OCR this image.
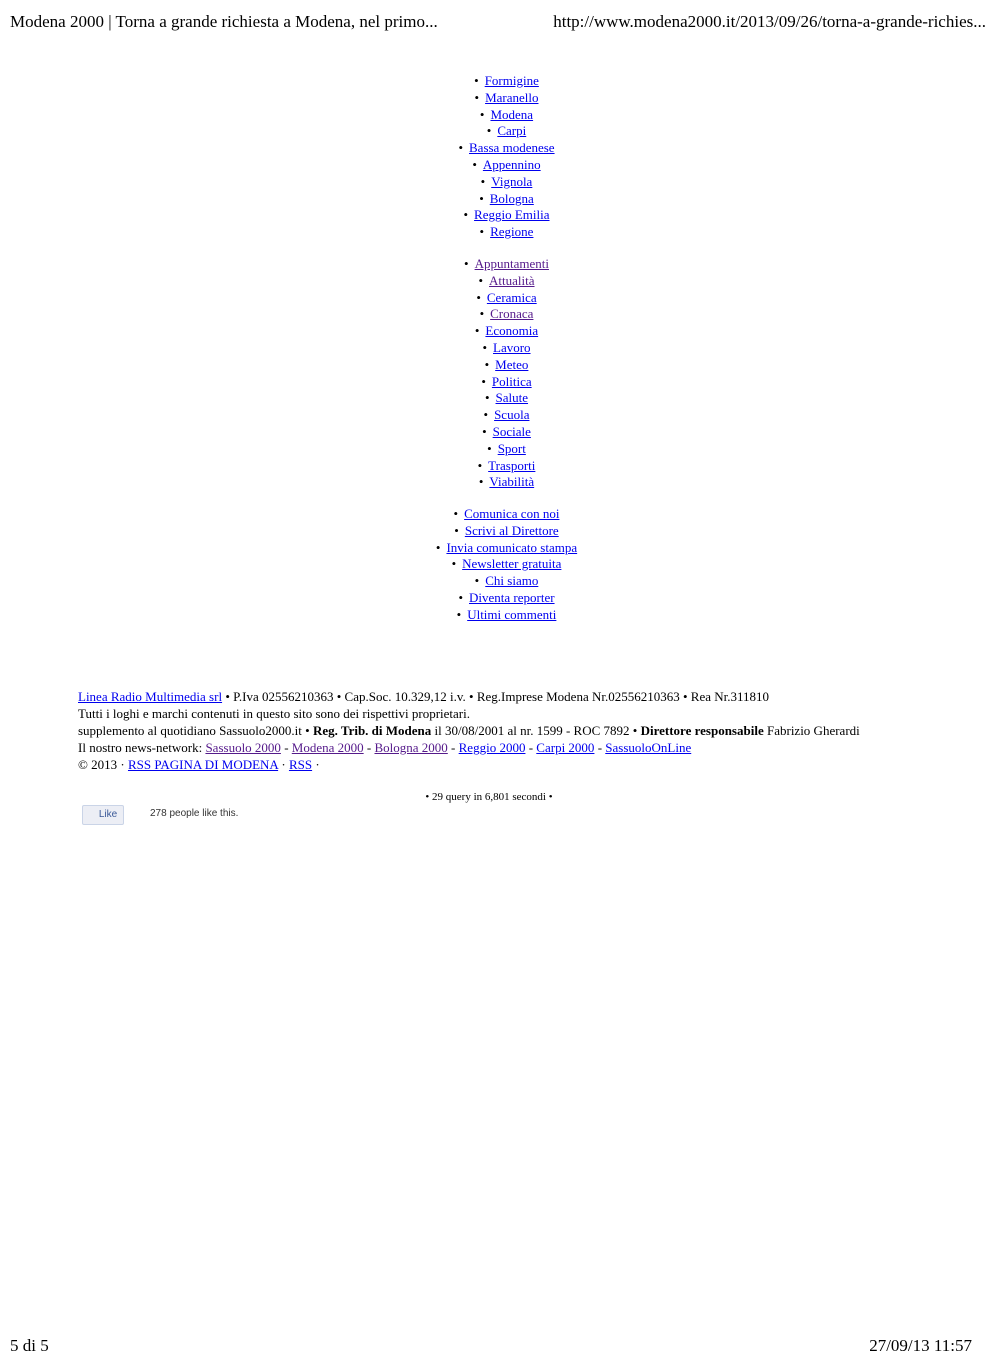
Modena 2000 | Torna a grande richiesta a Modena, nel primo...	http://www.modena2000.it/2013/09/26/torna-a-grande-richies...
• Formigine
• Maranello
• Modena
• Carpi
• Bassa modenese
• Appennino
• Vignola
• Bologna
• Reggio Emilia
• Regione
• Appuntamenti
• Attualità
• Ceramica
• Cronaca
• Economia
• Lavoro
• Meteo
• Politica
• Salute
• Scuola
• Sociale
• Sport
• Trasporti
• Viabilità
• Comunica con noi
• Scrivi al Direttore
• Invia comunicato stampa
• Newsletter gratuita
• Chi siamo
• Diventa reporter
• Ultimi commenti

Linea Radio Multimedia srl • P.Iva 02556210363 • Cap.Soc. 10.329,12 i.v. • Reg.Imprese Modena Nr.02556210363 • Rea Nr.311810

Tutti i loghi e marchi contenuti in questo sito sono dei rispettivi proprietari.

supplemento al quotidiano Sassuolo2000.it • Reg. Trib. di Modena il 30/08/2001 al nr. 1599 - ROC 7892 • Direttore responsabile Fabrizio Gherardi

Il nostro news-network: Sassuolo 2000 - Modena 2000 - Bologna 2000 - Reggio 2000 - Carpi 2000 - SassuoloOnLine

© 2013 · RSS PAGINA DI MODENA · RSS ·

• 29 query in 6,801 secondi •
Like	278 people like this.
5 di 5	27/09/13 11:57
